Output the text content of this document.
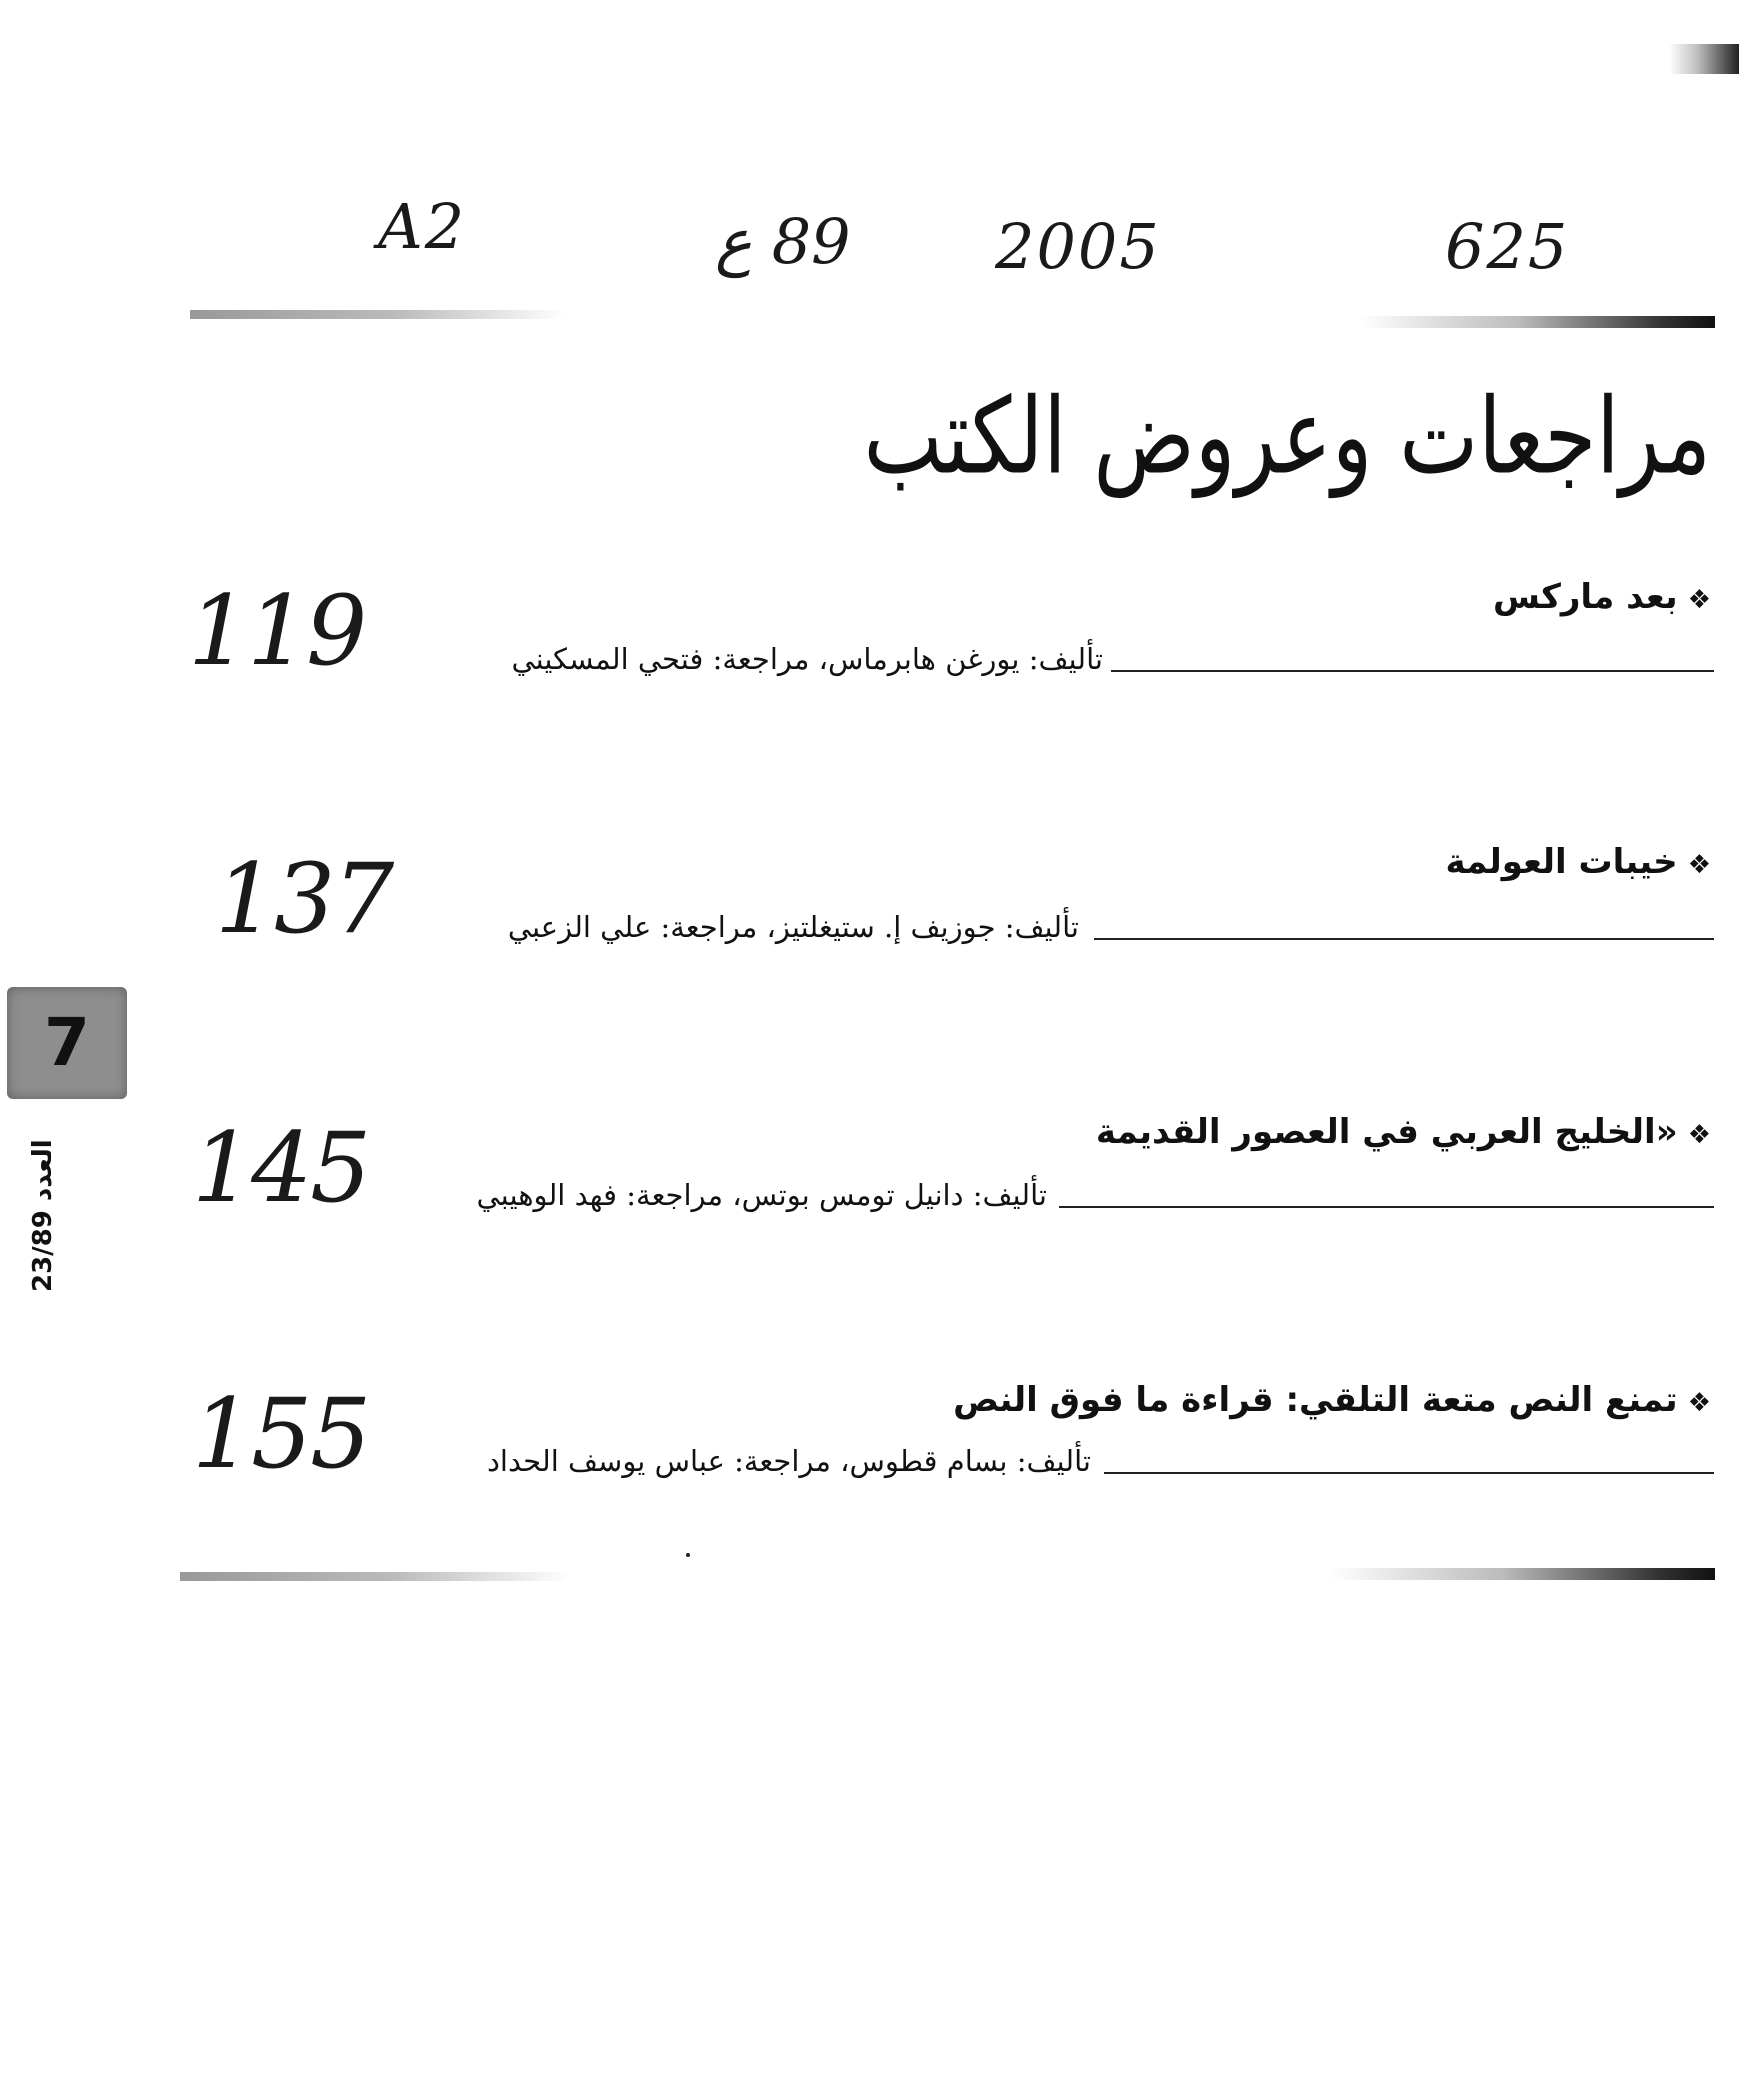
A2	89 ع 2005	625
مراجعات وعروض الكتب
❖بعد ماركس
تأليف: يورغن هابرماس، مراجعة: فتحي المسكيني
119
❖خيبات العولمة
تأليف: جوزيف إ. ستيغلتيز، مراجعة: علي الزعبي
137
❖«الخليج العربي في العصور القديمة
تأليف: دانيل تومس بوتس، مراجعة: فهد الوهيبي
145
❖تمنع النص متعة التلقي: قراءة ما فوق النص
تأليف: بسام قطوس، مراجعة: عباس يوسف الحداد
155
7
العدد 23/89
